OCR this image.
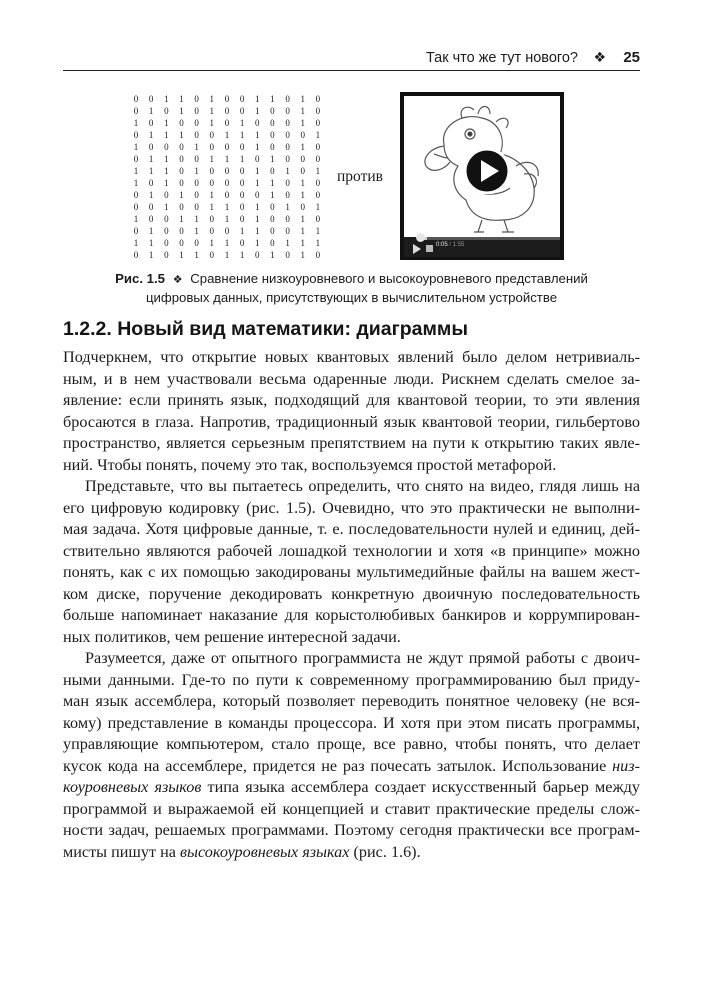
Так что же тут нового? ❖ 25
0 0 1 1 0 1 0 0 1 1 0 1 0
0 1 0 1 0 1 0 0 1 0 0 1 0
1 0 1 0 0 1 0 1 0 0 0 1 0
0 1 1 1 0 0 1 1 1 0 0 0 1
1 0 0 0 1 0 0 0 1 0 0 1 0
0 1 1 0 0 1 1 1 0 1 0 0 0
1 1 1 0 1 0 0 0 1 0 1 0 1
1 0 1 0 0 0 0 0 1 1 0 1 0
0 1 0 1 0 1 0 0 0 1 0 1 0
0 0 1 0 0 1 1 0 1 0 1 0 1
1 0 0 1 1 0 1 0 1 0 0 1 0
0 1 0 0 1 0 0 1 1 0 0 1 1
1 1 0 0 0 1 1 0 1 0 1 1 1
0 1 0 1 1 0 1 1 0 1 0 1 0
против
0:05 / 1:55
Рис. 1.5 ❖ Сравнение низкоуровневого и высокоуровневого представлений
цифровых данных, присутствующих в вычислительном устройстве
1.2.2. Новый вид математики: диаграммы
Подчеркнем, что открытие новых квантовых явлений было делом нетривиаль-
ным, и в нем участвовали весьма одаренные люди. Рискнем сделать смелое за-
явление: если принять язык, подходящий для квантовой теории, то эти явления
бросаются в глаза. Напротив, традиционный язык квантовой теории, гильбертово
пространство, является серьезным препятствием на пути к открытию таких явле-
ний. Чтобы понять, почему это так, воспользуемся простой метафорой.
Представьте, что вы пытаетесь определить, что снято на видео, глядя лишь на
его цифровую кодировку (рис. 1.5). Очевидно, что это практически не выполни-
мая задача. Хотя цифровые данные, т. е. последовательности нулей и единиц, дей-
ствительно являются рабочей лошадкой технологии и хотя «в принципе» можно
понять, как с их помощью закодированы мультимедийные файлы на вашем жест-
ком диске, поручение декодировать конкретную двоичную последовательность
больше напоминает наказание для корыстолюбивых банкиров и коррумпирован-
ных политиков, чем решение интересной задачи.
Разумеется, даже от опытного программиста не ждут прямой работы с двоич-
ными данными. Где-то по пути к современному программированию был приду-
ман язык ассемблера, который позволяет переводить понятное человеку (не вся-
кому) представление в команды процессора. И хотя при этом писать программы,
управляющие компьютером, стало проще, все равно, чтобы понять, что делает
кусок кода на ассемблере, придется не раз почесать затылок. Использование низ-
коуровневых языков типа языка ассемблера создает искусственный барьер между
программой и выражаемой ей концепцией и ставит практические пределы слож-
ности задач, решаемых программами. Поэтому сегодня практически все програм-
мисты пишут на высокоуровневых языках (рис. 1.6).
